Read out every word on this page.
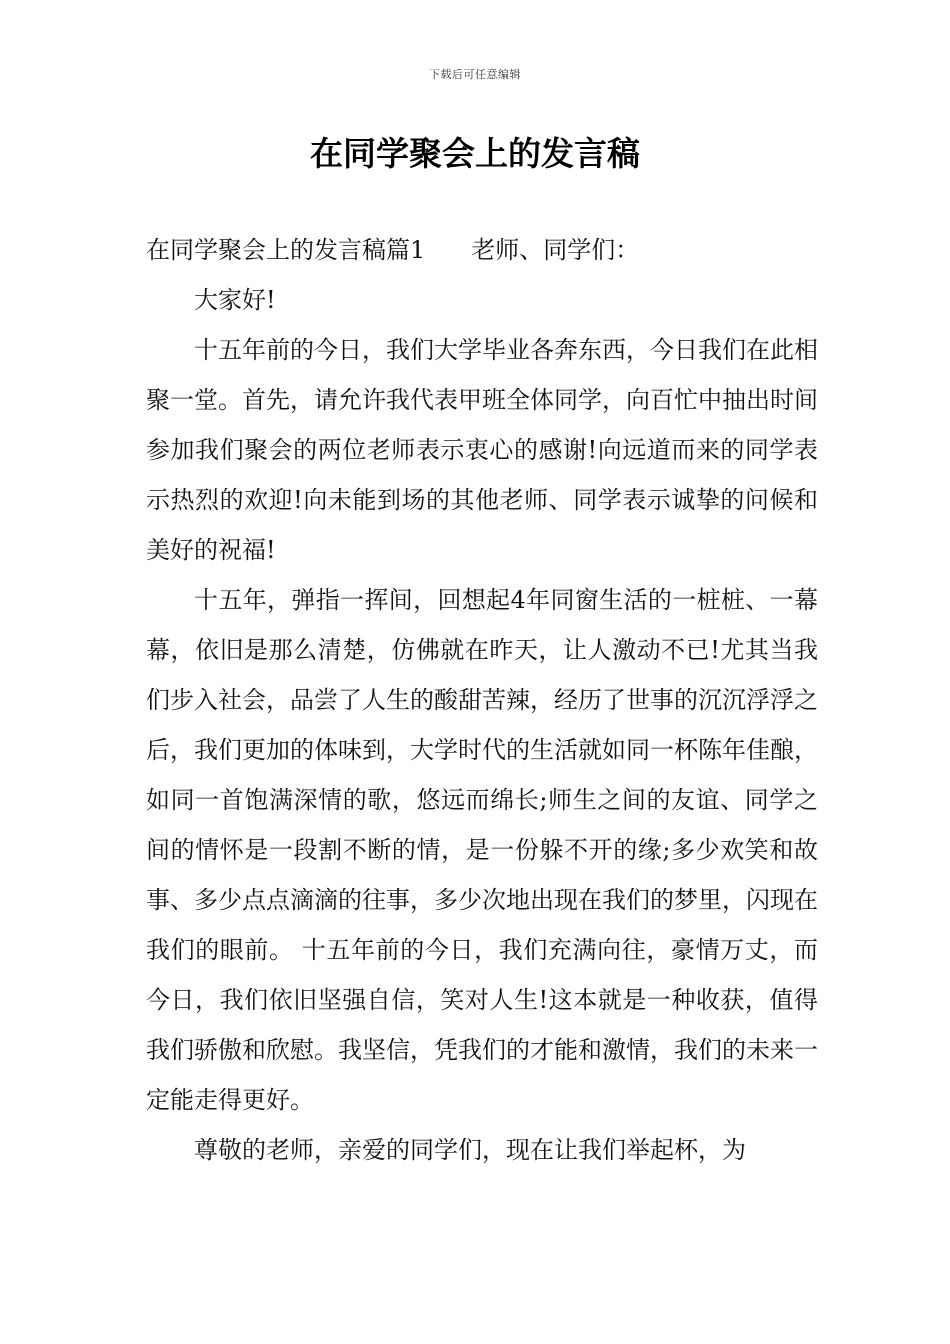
下载后可任意编辑
在同学聚会上的发言稿

在同学聚会上的发言稿篇1 老师、同学们：

大家好!

十五年前的今日，我们大学毕业各奔东西，今日我们在此相聚一堂。首先，请允许我代表甲班全体同学，向百忙中抽出时间参加我们聚会的两位老师表示衷心的感谢!向远道而来的同学表示热烈的欢迎!向未能到场的其他老师、同学表示诚挚的问候和美好的祝福!

十五年，弹指一挥间，回想起4年同窗生活的一桩桩、一幕幕，依旧是那么清楚，仿佛就在昨天，让人激动不已!尤其当我们步入社会，品尝了人生的酸甜苦辣，经历了世事的沉沉浮浮之后，我们更加的体味到，大学时代的生活就如同一杯陈年佳酿，如同一首饱满深情的歌，悠远而绵长;师生之间的友谊、同学之间的情怀是一段割不断的情，是一份躲不开的缘;多少欢笑和故事、多少点点滴滴的往事，多少次地出现在我们的梦里，闪现在我们的眼前。 十五年前的今日，我们充满向往，豪情万丈，而今日，我们依旧坚强自信，笑对人生!这本就是一种收获，值得我们骄傲和欣慰。我坚信，凭我们的才能和激情，我们的未来一定能走得更好。

尊敬的老师，亲爱的同学们，现在让我们举起杯，为
